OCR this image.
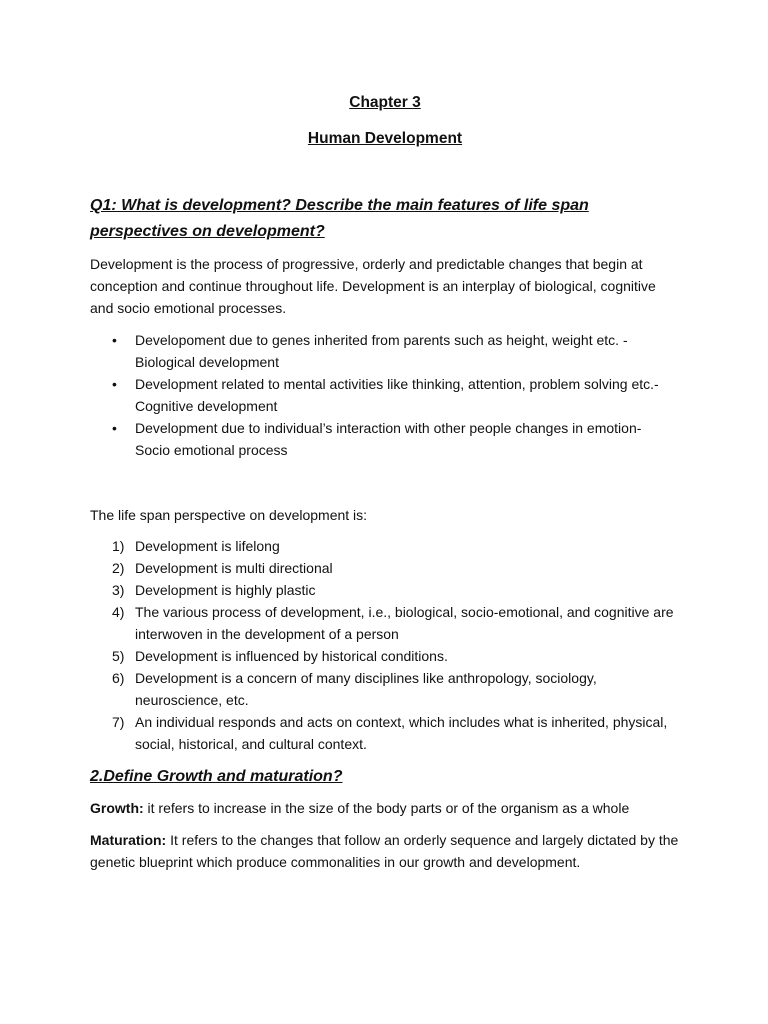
Chapter 3

Human Development

Q1: What is development? Describe the main features of life span perspectives on development?

Development is the process of progressive, orderly and predictable changes that begin at conception and continue throughout life. Development is an interplay of biological, cognitive and socio emotional processes.

• Developoment due to genes inherited from parents such as height, weight etc. - Biological development
• Development related to mental activities like thinking, attention, problem solving etc.- Cognitive development
• Development due to individual’s interaction with other people changes in emotion- Socio emotional process

The life span perspective on development is:

1) Development is lifelong
2) Development is multi directional
3) Development is highly plastic
4) The various process of development, i.e., biological, socio-emotional, and cognitive are interwoven in the development of a person
5) Development is influenced by historical conditions.
6) Development is a concern of many disciplines like anthropology, sociology, neuroscience, etc.
7) An individual responds and acts on context, which includes what is inherited, physical, social, historical, and cultural context.

2.Define Growth and maturation?

Growth: it refers to increase in the size of the body parts or of the organism as a whole

Maturation: It refers to the changes that follow an orderly sequence and largely dictated by the genetic blueprint which produce commonalities in our growth and development.
